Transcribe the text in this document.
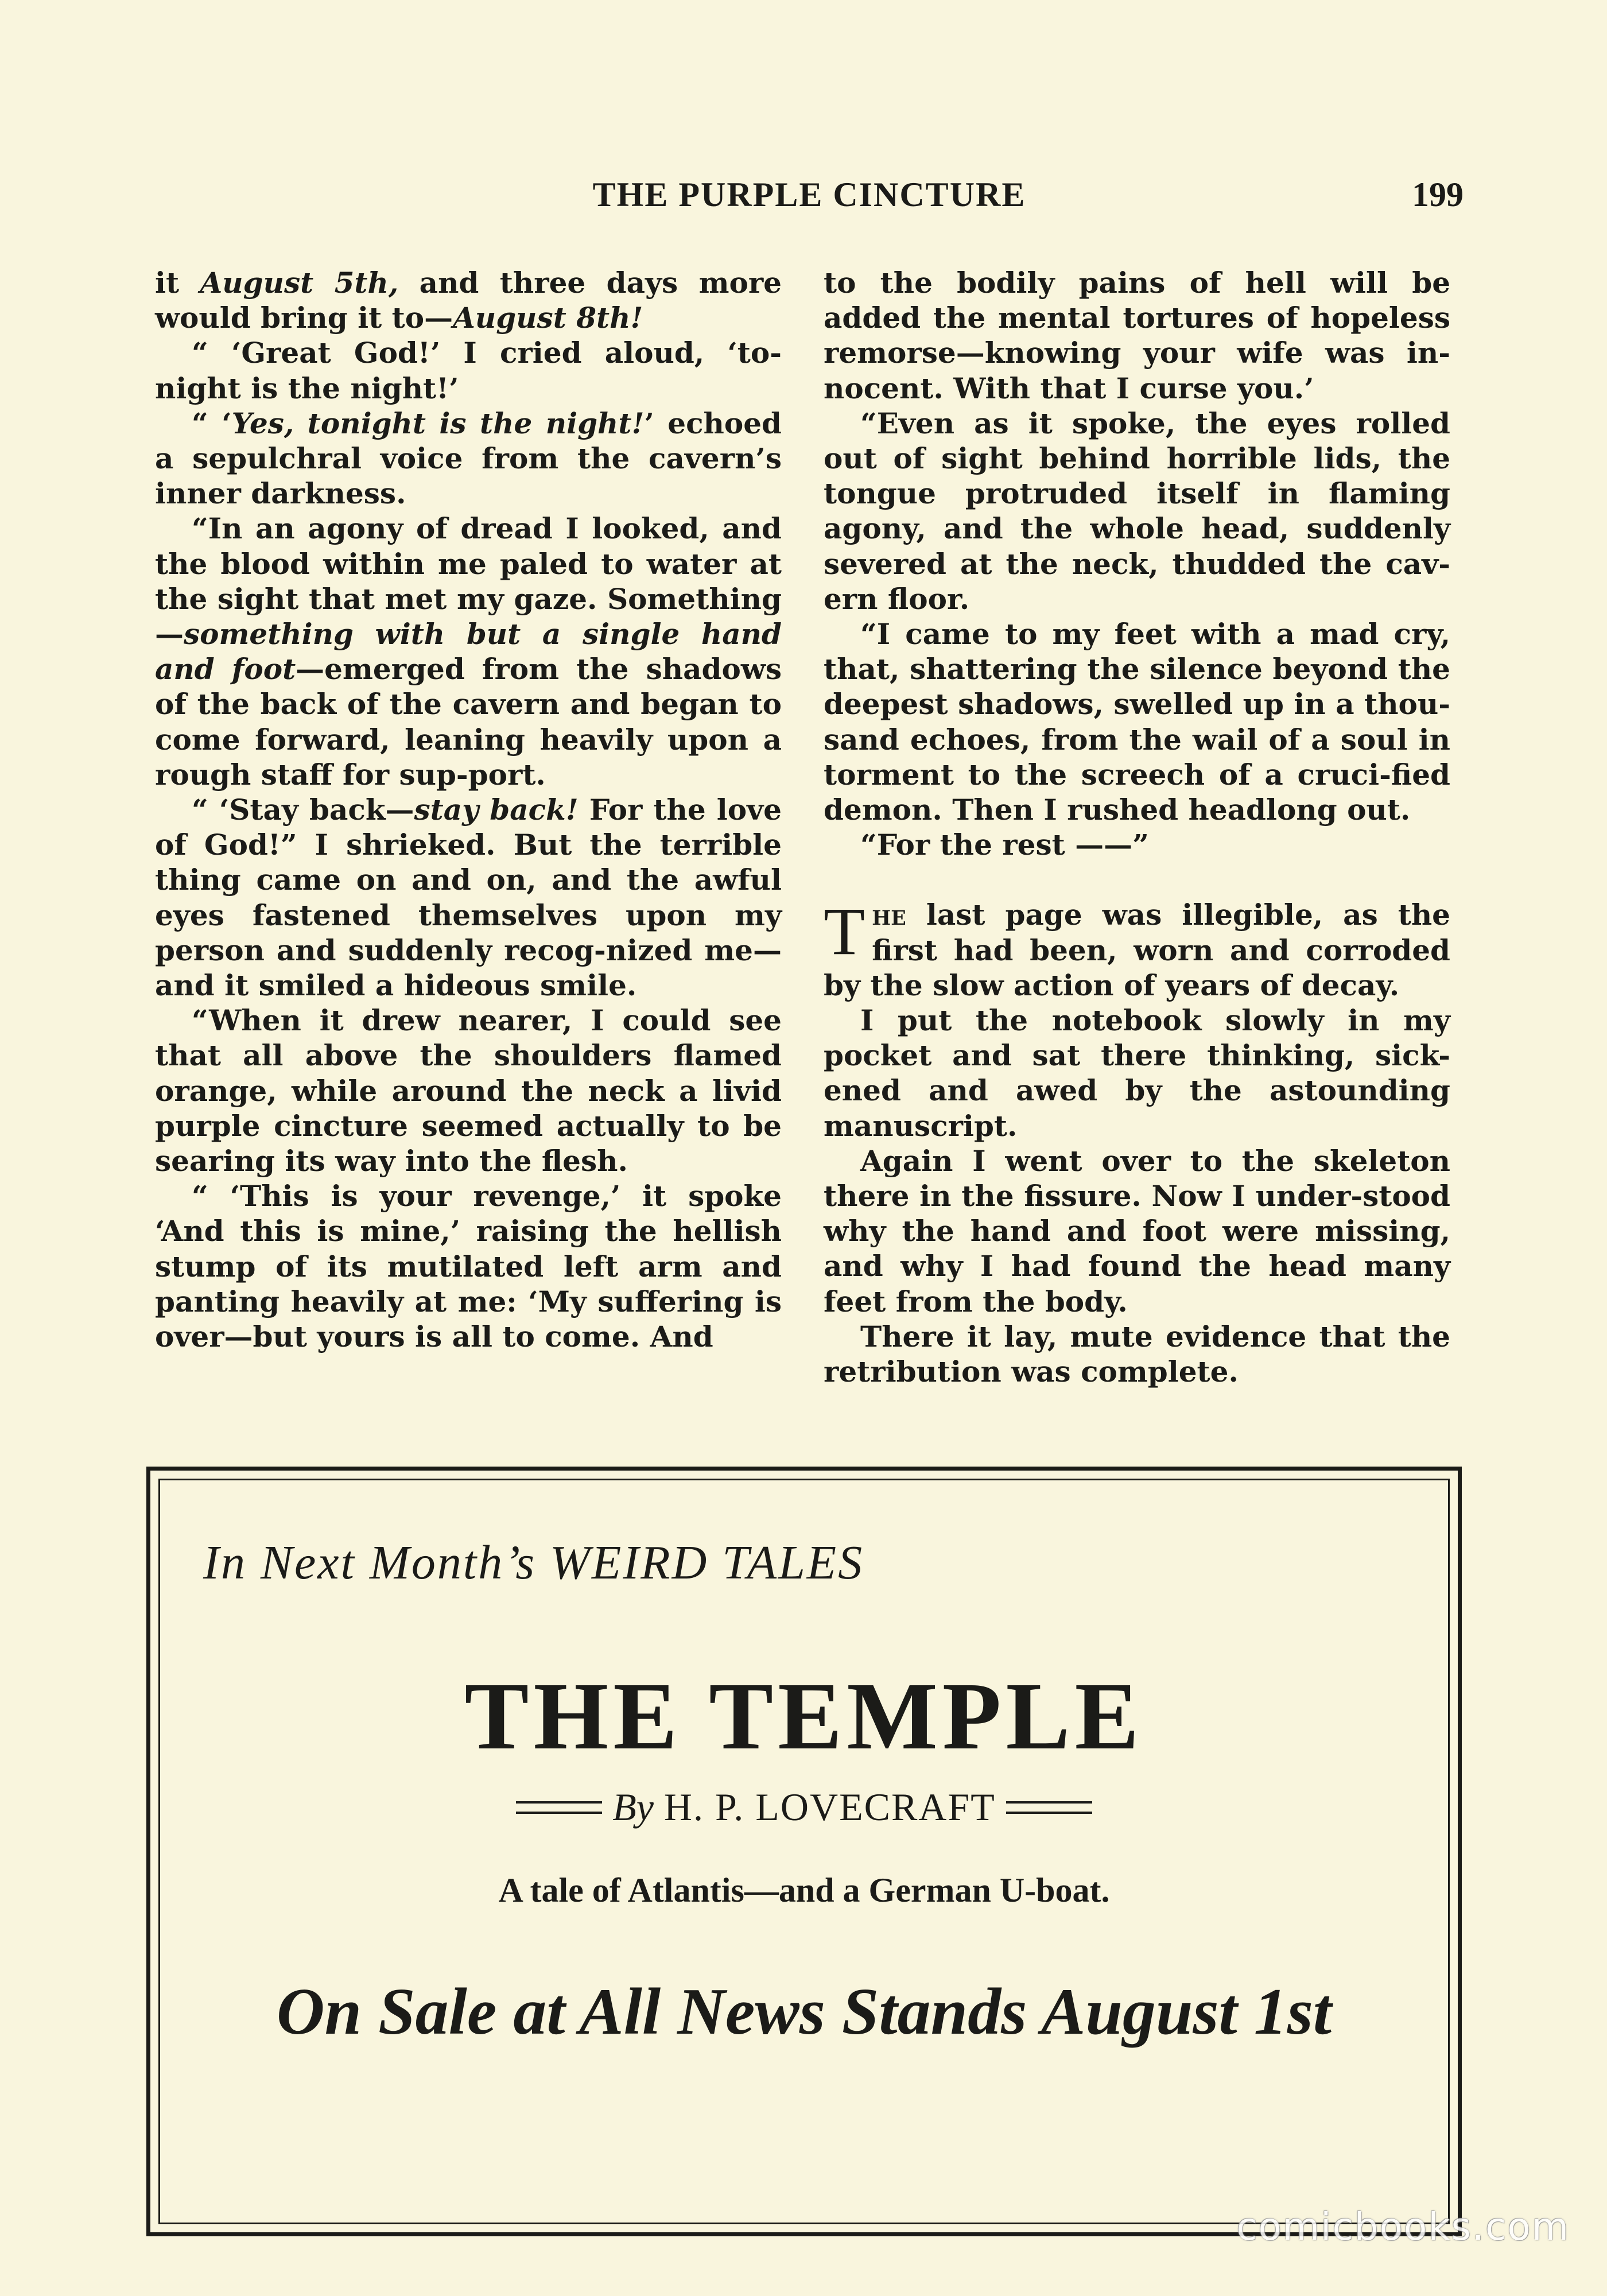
THE PURPLE CINCTURE	199

it August 5th, and three days more would bring it to—August 8th!

“ ‘Great God!’ I cried aloud, ‘to-night is the night!’

“ ‘Yes, tonight is the night!’ echoed a sepulchral voice from the cavern’s inner darkness.

“In an agony of dread I looked, and the blood within me paled to water at the sight that met my gaze. Something—something with but a single hand and foot—emerged from the shadows of the back of the cavern and began to come forward, leaning heavily upon a rough staff for sup-port.

“ ‘Stay back—stay back! For the love of God!” I shrieked. But the terrible thing came on and on, and the awful eyes fastened themselves upon my person and suddenly recog-nized me—and it smiled a hideous smile.

“When it drew nearer, I could see that all above the shoulders flamed orange, while around the neck a livid purple cincture seemed actually to be searing its way into the flesh.

“ ‘This is your revenge,’ it spoke ‘And this is mine,’ raising the hellish stump of its mutilated left arm and panting heavily at me: ‘My suffering is over—but yours is all to come. And

to the bodily pains of hell will be added the mental tortures of hopeless remorse—knowing your wife was in-nocent. With that I curse you.’

“Even as it spoke, the eyes rolled out of sight behind horrible lids, the tongue protruded itself in flaming agony, and the whole head, suddenly severed at the neck, thudded the cav-ern floor.

“I came to my feet with a mad cry, that, shattering the silence beyond the deepest shadows, swelled up in a thou-sand echoes, from the wail of a soul in torment to the screech of a cruci-fied demon. Then I rushed headlong out.

“For the rest ——”

The last page was illegible, as the first had been, worn and corroded by the slow action of years of decay.

I put the notebook slowly in my pocket and sat there thinking, sick-ened and awed by the astounding manuscript.

Again I went over to the skeleton there in the fissure. Now I under-stood why the hand and foot were missing, and why I had found the head many feet from the body.

There it lay, mute evidence that the retribution was complete.

In Next Month’s WEIRD TALES
THE TEMPLE
By H. P. LOVECRAFT
A tale of Atlantis—and a German U-boat.
On Sale at All News Stands August 1st
comicbooks.com
